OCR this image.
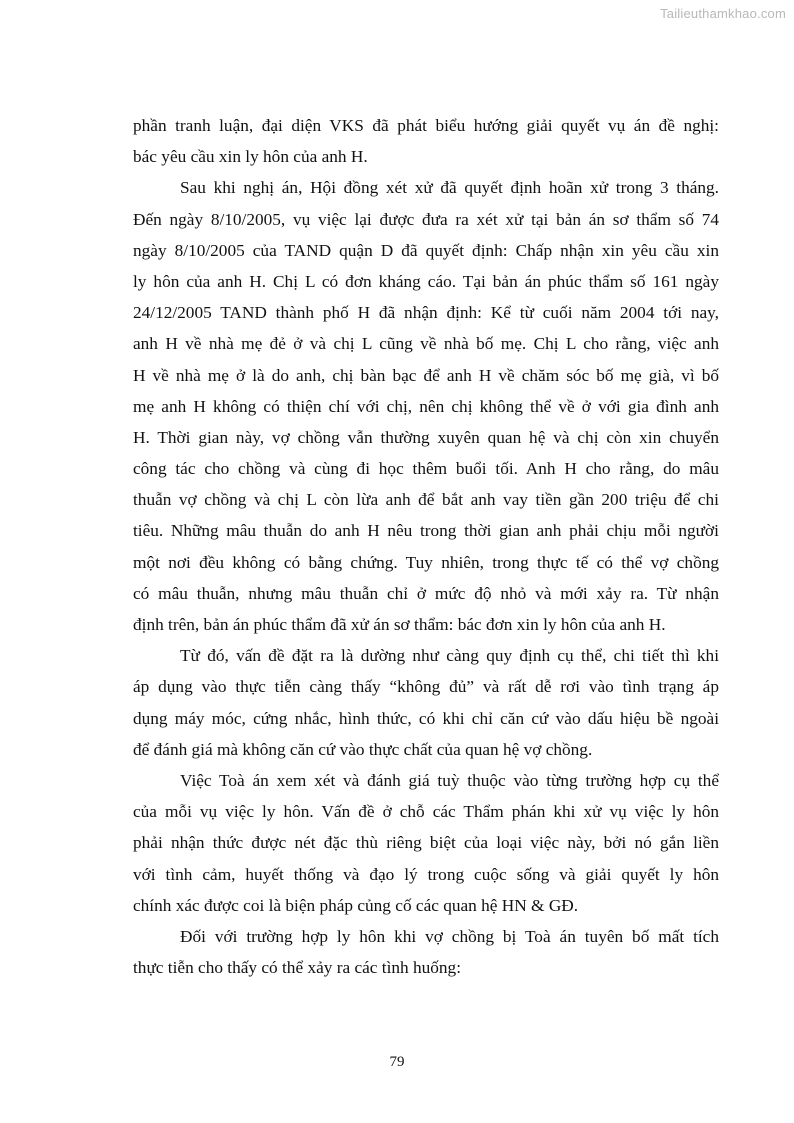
Tailieuthamkhao.com
phần tranh luận, đại diện VKS đã phát biểu hướng giải quyết vụ án đề nghị:
bác yêu cầu xin ly hôn của anh H.
Sau khi nghị án, Hội đồng xét xử đã quyết định hoãn xử trong 3 tháng.
Đến ngày 8/10/2005, vụ việc lại được đưa ra xét xử tại bản án sơ thẩm số 74
ngày 8/10/2005 của TAND quận D đã quyết định: Chấp nhận xin yêu cầu xin
ly hôn của anh H. Chị L có đơn kháng cáo. Tại bản án phúc thẩm số 161 ngày
24/12/2005 TAND thành phố H đã nhận định: Kể từ cuối năm 2004 tới nay,
anh H về nhà mẹ đẻ ở và chị L cũng về nhà bố mẹ. Chị L cho rằng, việc anh
H về nhà mẹ ở là do anh, chị bàn bạc để anh H về chăm sóc bố mẹ già, vì bố
mẹ anh H không có thiện chí với chị, nên chị không thể về ở với gia đình anh
H. Thời gian này, vợ chồng vẫn thường xuyên quan hệ và chị còn xin chuyển
công tác cho chồng và cùng đi học thêm buổi tối. Anh H cho rằng, do mâu
thuẫn vợ chồng và chị L còn lừa anh để bắt anh vay tiền gần 200 triệu để chi
tiêu. Những mâu thuẫn do anh H nêu trong thời gian anh phải chịu mỗi người
một nơi đều không có bằng chứng. Tuy nhiên, trong thực tế có thể vợ chồng
có mâu thuẫn, nhưng mâu thuẫn chỉ ở mức độ nhỏ và mới xảy ra. Từ nhận
định trên, bản án phúc thẩm đã xử án sơ thẩm: bác đơn xin ly hôn của anh H.
Từ đó, vấn đề đặt ra là dường như càng quy định cụ thể, chi tiết thì khi
áp dụng vào thực tiễn càng thấy “không đủ” và rất dễ rơi vào tình trạng áp
dụng máy móc, cứng nhắc, hình thức, có khi chỉ căn cứ vào dấu hiệu bề ngoài
để đánh giá mà không căn cứ vào thực chất của quan hệ vợ chồng.
Việc Toà án xem xét và đánh giá tuỳ thuộc vào từng trường hợp cụ thể
của mỗi vụ việc ly hôn. Vấn đề ở chỗ các Thẩm phán khi xử vụ việc ly hôn
phải nhận thức được nét đặc thù riêng biệt của loại việc này, bởi nó gắn liền
với tình cảm, huyết thống và đạo lý trong cuộc sống và giải quyết ly hôn
chính xác được coi là biện pháp củng cố các quan hệ HN & GĐ.
Đối với trường hợp ly hôn khi vợ chồng bị Toà án tuyên bố mất tích
thực tiễn cho thấy có thể xảy ra các tình huống:
79
